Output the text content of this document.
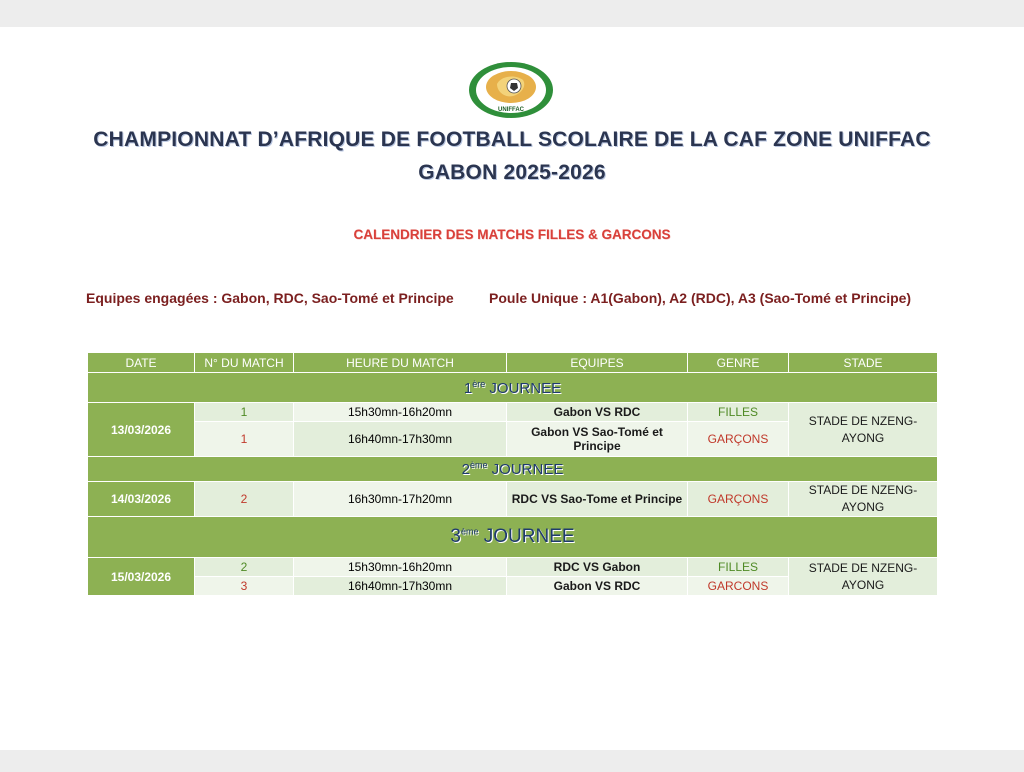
UNIFFAC
CHAMPIONNAT D’AFRIQUE DE FOOTBALL SCOLAIRE DE LA CAF ZONE UNIFFAC
GABON 2025-2026
CALENDRIER DES MATCHS FILLES & GARCONS
Equipes engagées : Gabon, RDC, Sao-Tomé et Principe	Poule Unique : A1(Gabon), A2 (RDC), A3 (Sao-Tomé et Principe)
DATE	N° DU MATCH	HEURE DU MATCH	EQUIPES	GENRE	STADE
1ère JOURNEE					
13/03/2026	1	15h30mn-16h20mn	Gabon VS RDC	FILLES	STADE DE NZENG-AYONG
	1	16h40mn-17h30mn	Gabon VS Sao-Tomé et Principe	GARÇONS	
2ème JOURNEE					
14/03/2026	2	16h30mn-17h20mn	RDC VS Sao-Tome et Principe	GARÇONS	STADE DE NZENG-AYONG
3ème JOURNEE					
15/03/2026	2	15h30mn-16h20mn	RDC VS Gabon	FILLES	STADE DE NZENG-AYONG
	3	16h40mn-17h30mn	Gabon VS RDC	GARCONS	
